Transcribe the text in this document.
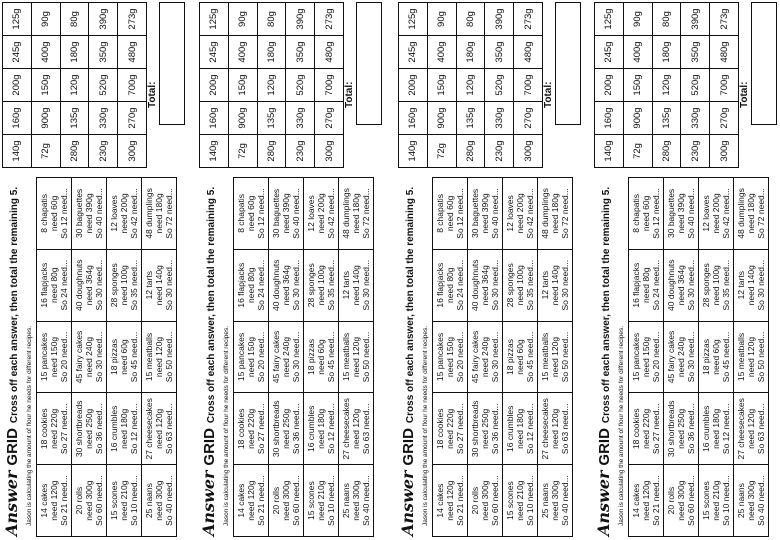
Answer
GRID
Cross off each answer, then total the remaining 5.
Jason is calculating the amount of flour he needs for different recipes. 14 cakes need 120g So 21 need...
18 cookies need 220g So 27 need...
15 pancakes need 150g So 20 need...
16 flapjacks need 80g So 24 need...
8 chapatis need 60g So 12 need...
20 rolls need 300g So 60 need...
30 shortbreads need 250g So 36 need...
45 fairy cakes need 240g So 30 need...
40 doughnuts need 364g So 30 need...
30 baguettes need 390g So 40 need...
15 scones need 210g So 10 need...
16 crumbles need 180g So 12 need...
18 pizzas need 60g So 45 need...
28 sponges need 100g So 35 need...
12 loaves need 200g So 42 need...
25 naans need 300g So 40 need...
27 cheesecakes need 120g So 63 need...
15 meatballs need 120g So 50 need...
12 tarts need 140g So 30 need...
48 dumplings need 180g So 72 need...
140g
160g
200g
245g
125g
72g
900g
150g
400g
90g
280g
135g
120g
180g
80g
230g
330g
520g
350g
390g
300g
270g
700g
480g
273g
Total:
Answer
GRID
Cross off each answer, then total the remaining 5.
Jason is calculating the amount of flour he needs for different recipes. 14 cakes need 120g So 21 need...
18 cookies need 220g So 27 need...
15 pancakes need 150g So 20 need...
16 flapjacks need 80g So 24 need...
8 chapatis need 60g So 12 need...
20 rolls need 300g So 60 need...
30 shortbreads need 250g So 36 need...
45 fairy cakes need 240g So 30 need...
40 doughnuts need 364g So 30 need...
30 baguettes need 390g So 40 need...
15 scones need 210g So 10 need...
16 crumbles need 180g So 12 need...
18 pizzas need 60g So 45 need...
28 sponges need 100g So 35 need...
12 loaves need 200g So 42 need...
25 naans need 300g So 40 need...
27 cheesecakes need 120g So 63 need...
15 meatballs need 120g So 50 need...
12 tarts need 140g So 30 need...
48 dumplings need 180g So 72 need...
140g
160g
200g
245g
125g
72g
900g
150g
400g
90g
280g
135g
120g
180g
80g
230g
330g
520g
350g
390g
300g
270g
700g
480g
273g
Total:
Answer
GRID
Cross off each answer, then total the remaining 5.
Jason is calculating the amount of flour he needs for different recipes. 14 cakes need 120g So 21 need...
18 cookies need 220g So 27 need...
15 pancakes need 150g So 20 need...
16 flapjacks need 80g So 24 need...
8 chapatis need 60g So 12 need...
20 rolls need 300g So 60 need...
30 shortbreads need 250g So 36 need...
45 fairy cakes need 240g So 30 need...
40 doughnuts need 364g So 30 need...
30 baguettes need 390g So 40 need...
15 scones need 210g So 10 need...
16 crumbles need 180g So 12 need...
18 pizzas need 60g So 45 need...
28 sponges need 100g So 35 need...
12 loaves need 200g So 42 need...
25 naans need 300g So 40 need...
27 cheesecakes need 120g So 63 need...
15 meatballs need 120g So 50 need...
12 tarts need 140g So 30 need...
48 dumplings need 180g So 72 need...
140g
160g
200g
245g
125g
72g
900g
150g
400g
90g
280g
135g
120g
180g
80g
230g
330g
520g
350g
390g
300g
270g
700g
480g
273g
Total:
Answer
GRID
Cross off each answer, then total the remaining 5.
Jason is calculating the amount of flour he needs for different recipes. 14 cakes need 120g So 21 need...
18 cookies need 220g So 27 need...
15 pancakes need 150g So 20 need...
16 flapjacks need 80g So 24 need...
8 chapatis need 60g So 12 need...
20 rolls need 300g So 60 need...
30 shortbreads need 250g So 36 need...
45 fairy cakes need 240g So 30 need...
40 doughnuts need 364g So 30 need...
30 baguettes need 390g So 40 need...
15 scones need 210g So 10 need...
16 crumbles need 180g So 12 need...
18 pizzas need 60g So 45 need...
28 sponges need 100g So 35 need...
12 loaves need 200g So 42 need...
25 naans need 300g So 40 need...
27 cheesecakes need 120g So 63 need...
15 meatballs need 120g So 50 need...
12 tarts need 140g So 30 need...
48 dumplings need 180g So 72 need...
140g
160g
200g
245g
125g
72g
900g
150g
400g
90g
280g
135g
120g
180g
80g
230g
330g
520g
350g
390g
300g
270g
700g
480g
273g
Total:
